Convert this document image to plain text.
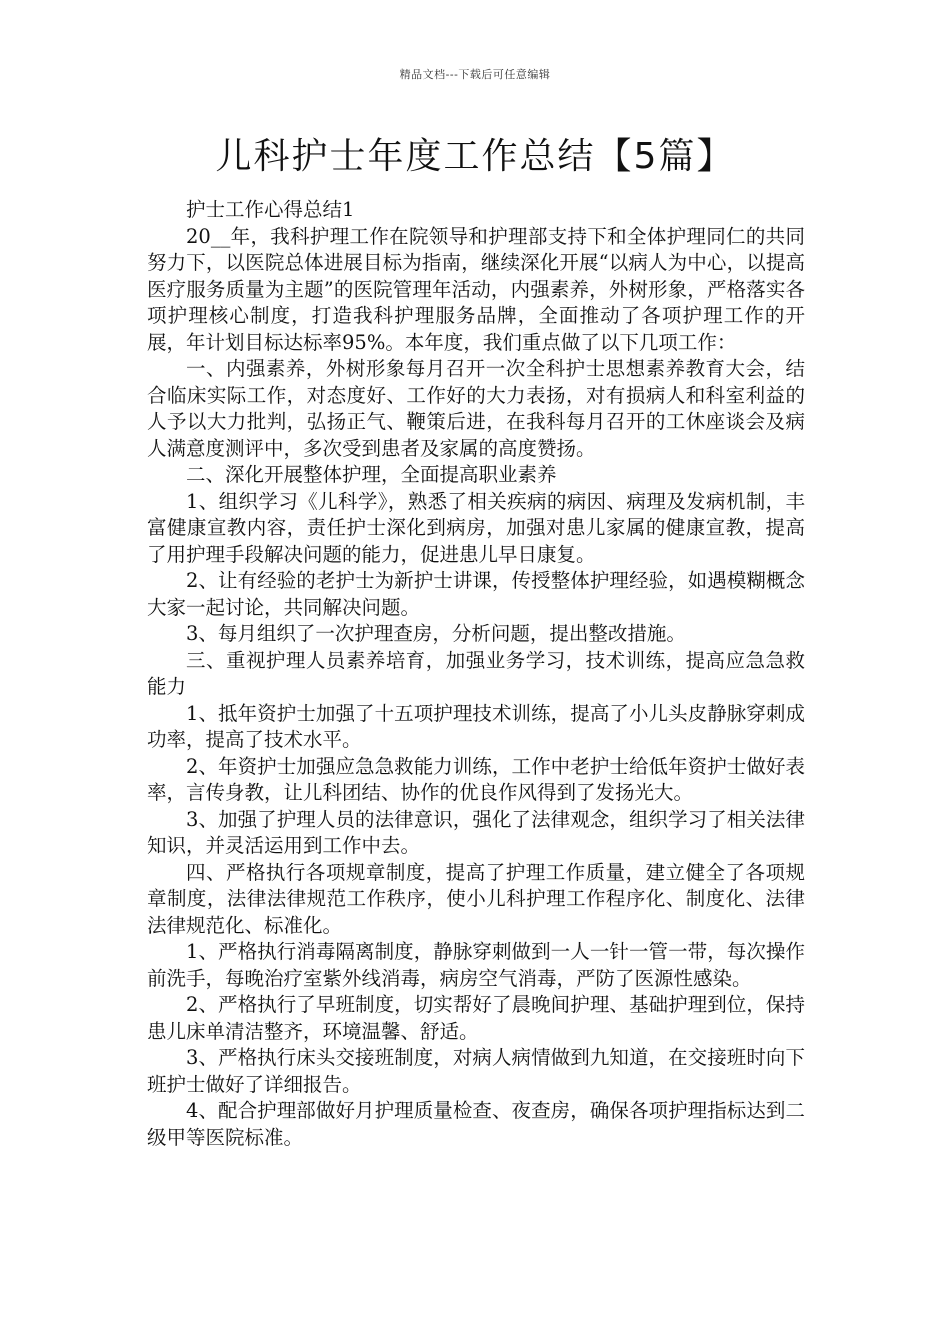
精品文档---下载后可任意编辑
儿科护士年度工作总结【5篇】

护士工作心得总结1

20__年，我科护理工作在院领导和护理部支持下和全体护理同仁的共同努力下，以医院总体进展目标为指南，继续深化开展“以病人为中心，以提高医疗服务质量为主题”的医院管理年活动，内强素养，外树形象，严格落实各项护理核心制度，打造我科护理服务品牌，全面推动了各项护理工作的开展，年计划目标达标率95%。本年度，我们重点做了以下几项工作：

一、内强素养，外树形象每月召开一次全科护士思想素养教育大会，结合临床实际工作，对态度好、工作好的大力表扬，对有损病人和科室利益的人予以大力批判，弘扬正气、鞭策后进，在我科每月召开的工休座谈会及病人满意度测评中，多次受到患者及家属的高度赞扬。

二、深化开展整体护理，全面提高职业素养

1、组织学习《儿科学》，熟悉了相关疾病的病因、病理及发病机制，丰富健康宣教内容，责任护士深化到病房，加强对患儿家属的健康宣教，提高了用护理手段解决问题的能力，促进患儿早日康复。

2、让有经验的老护士为新护士讲课，传授整体护理经验，如遇模糊概念大家一起讨论，共同解决问题。

3、每月组织了一次护理查房，分析问题，提出整改措施。

三、重视护理人员素养培育，加强业务学习，技术训练，提高应急急救能力

1、抵年资护士加强了十五项护理技术训练，提高了小儿头皮静脉穿刺成功率，提高了技术水平。

2、年资护士加强应急急救能力训练，工作中老护士给低年资护士做好表率，言传身教，让儿科团结、协作的优良作风得到了发扬光大。

3、加强了护理人员的法律意识，强化了法律观念，组织学习了相关法律知识，并灵活运用到工作中去。

四、严格执行各项规章制度，提高了护理工作质量，建立健全了各项规章制度，法律法律规范工作秩序，使小儿科护理工作程序化、制度化、法律法律规范化、标准化。

1、严格执行消毒隔离制度，静脉穿刺做到一人一针一管一带，每次操作前洗手，每晚治疗室紫外线消毒，病房空气消毒，严防了医源性感染。

2、严格执行了早班制度，切实帮好了晨晚间护理、基础护理到位，保持患儿床单清洁整齐，环境温馨、舒适。

3、严格执行床头交接班制度，对病人病情做到九知道，在交接班时向下班护士做好了详细报告。

4、配合护理部做好月护理质量检查、夜查房，确保各项护理指标达到二级甲等医院标准。
